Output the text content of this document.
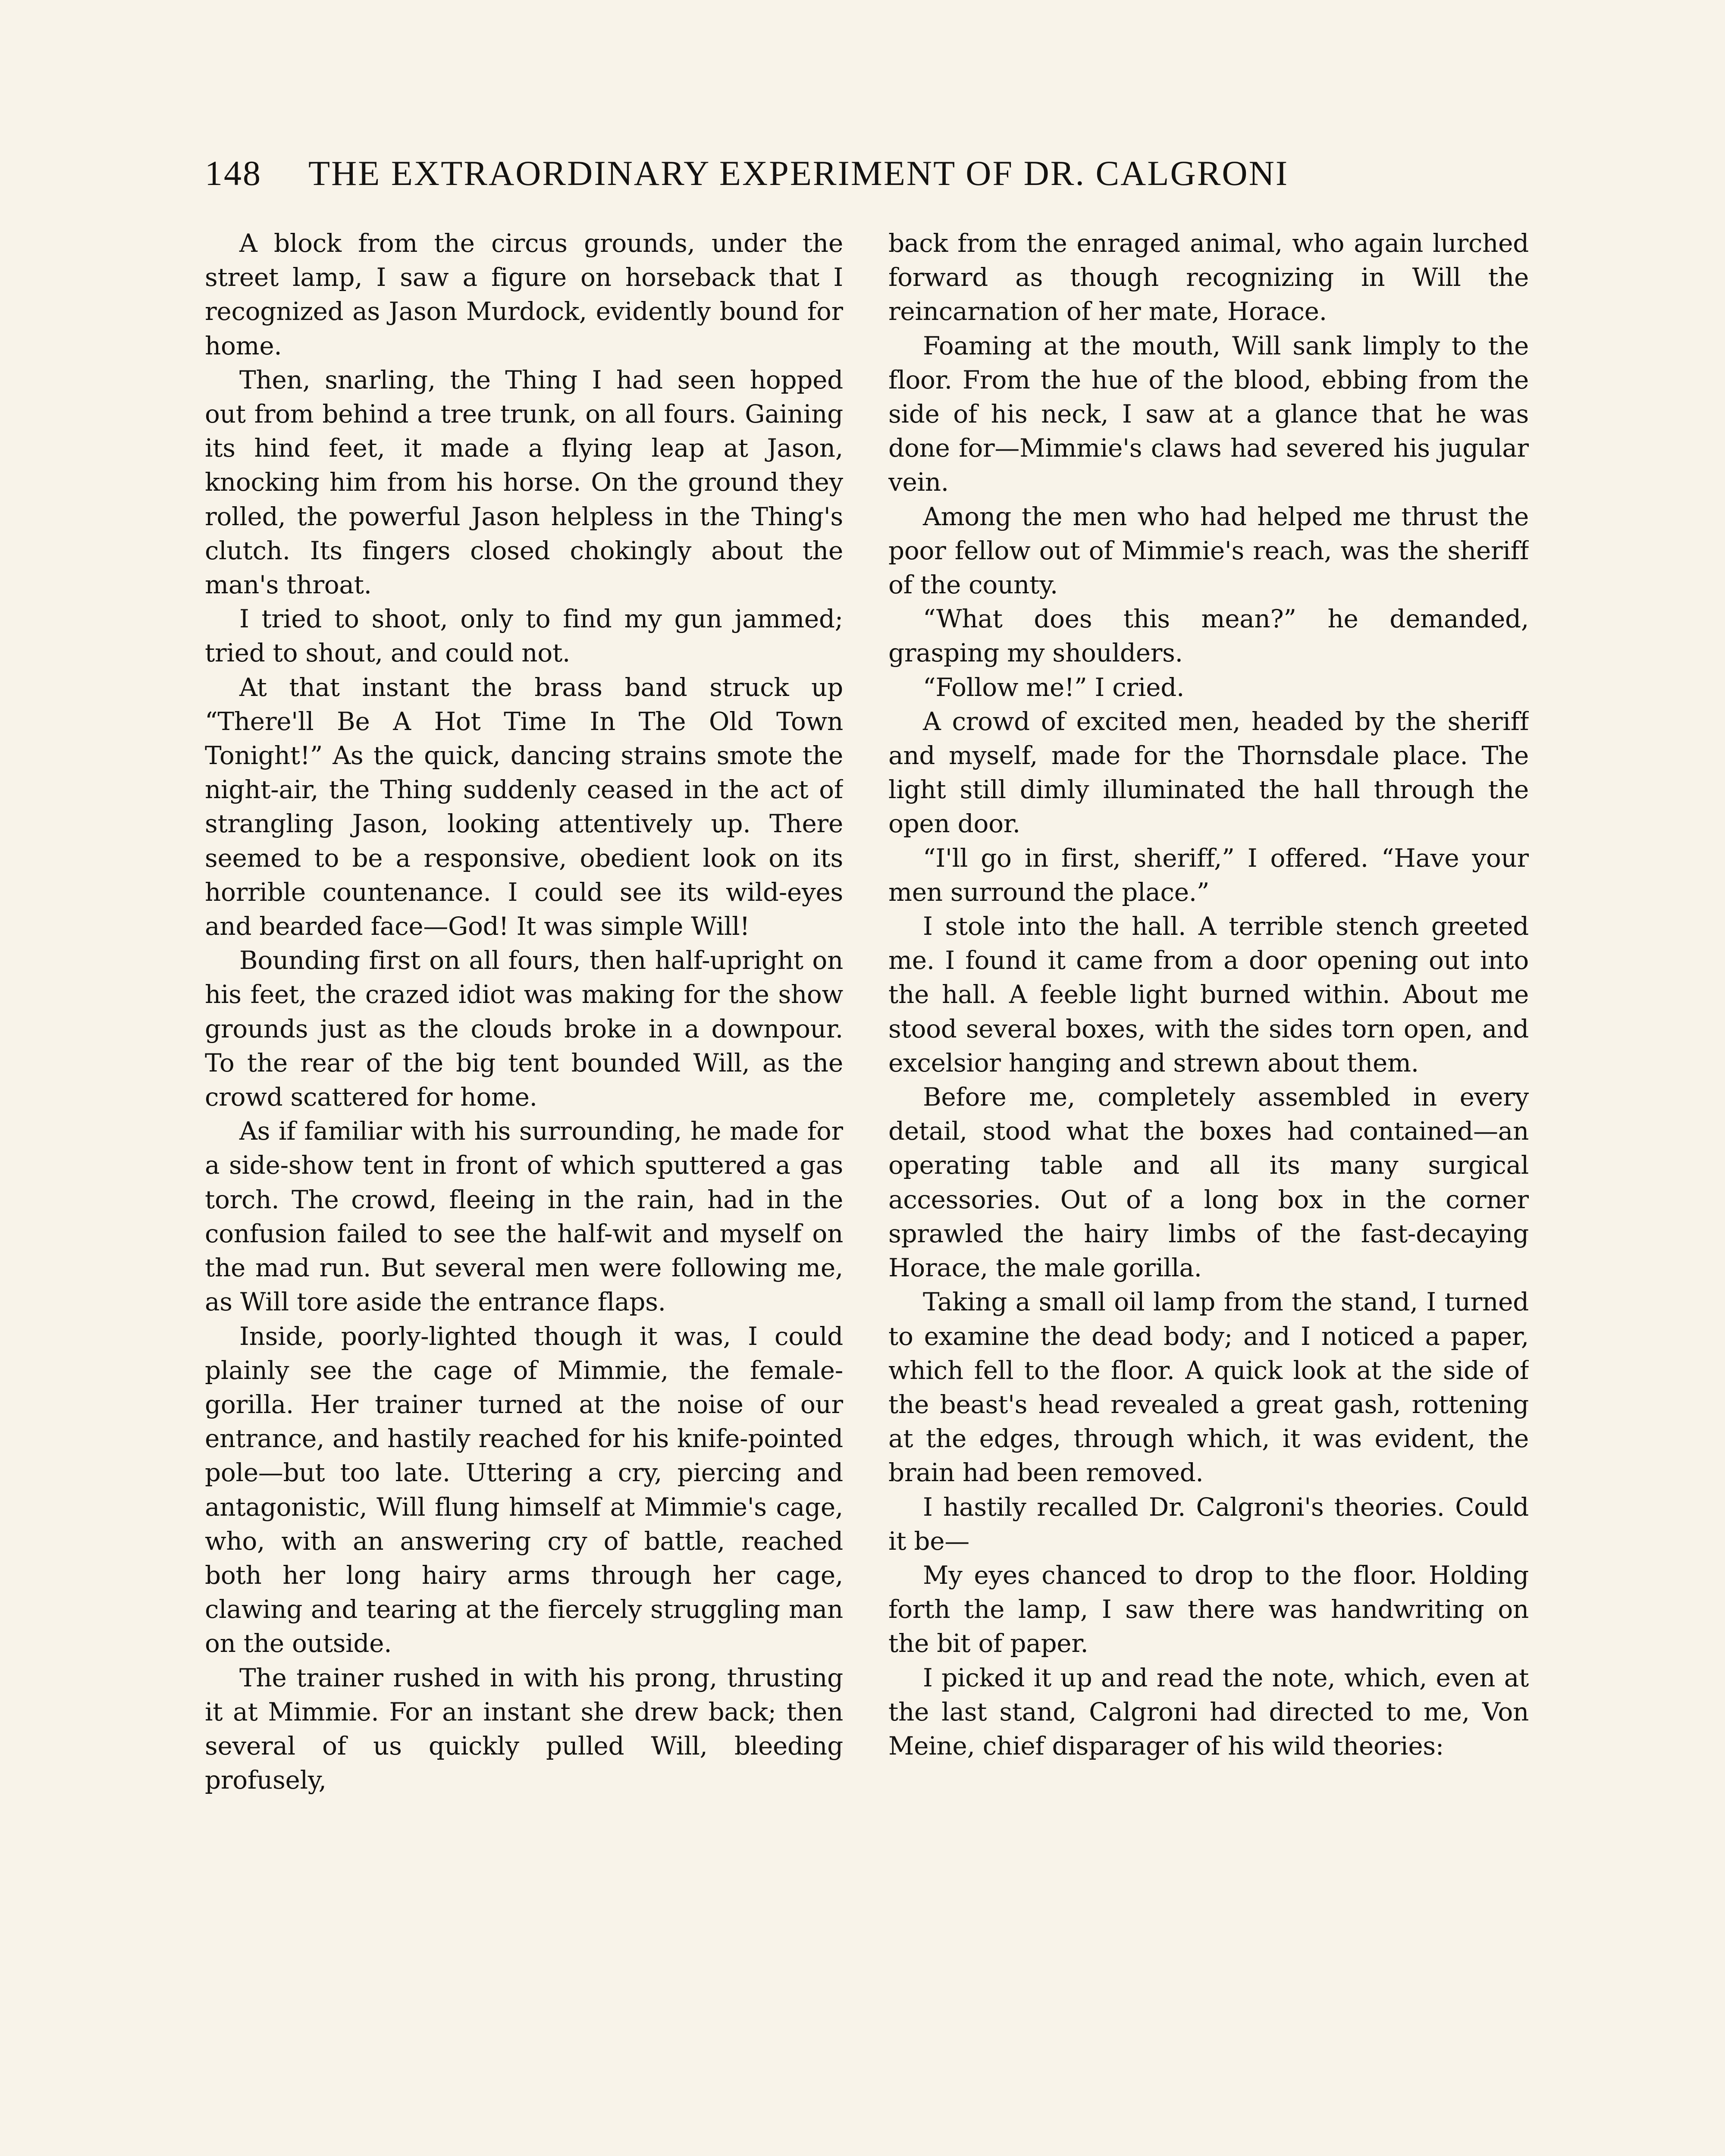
148	THE EXTRAORDINARY EXPERIMENT OF DR. CALGRONI

A block from the circus grounds, under the street lamp, I saw a figure on horseback that I recognized as Jason Murdock, evidently bound for home.

Then, snarling, the Thing I had seen hopped out from behind a tree trunk, on all fours. Gaining its hind feet, it made a flying leap at Jason, knocking him from his horse. On the ground they rolled, the powerful Jason helpless in the Thing's clutch. Its fingers closed chokingly about the man's throat.

I tried to shoot, only to find my gun jammed; tried to shout, and could not.

At that instant the brass band struck up “There'll Be A Hot Time In The Old Town Tonight!” As the quick, dancing strains smote the night-air, the Thing suddenly ceased in the act of strangling Jason, looking attentively up. There seemed to be a responsive, obedient look on its horrible countenance. I could see its wild-eyes and bearded face—God! It was simple Will!

Bounding first on all fours, then half-upright on his feet, the crazed idiot was making for the show grounds just as the clouds broke in a downpour. To the rear of the big tent bounded Will, as the crowd scattered for home.

As if familiar with his surrounding, he made for a side-show tent in front of which sputtered a gas torch. The crowd, fleeing in the rain, had in the confusion failed to see the half-wit and myself on the mad run. But several men were following me, as Will tore aside the entrance flaps.

Inside, poorly-lighted though it was, I could plainly see the cage of Mimmie, the female-gorilla. Her trainer turned at the noise of our entrance, and hastily reached for his knife-pointed pole—but too late. Uttering a cry, piercing and antagonistic, Will flung himself at Mimmie's cage, who, with an answering cry of battle, reached both her long hairy arms through her cage, clawing and tearing at the fiercely struggling man on the outside.

The trainer rushed in with his prong, thrusting it at Mimmie. For an instant she drew back; then several of us quickly pulled Will, bleeding profusely,

back from the enraged animal, who again lurched forward as though recognizing in Will the reincarnation of her mate, Horace.

Foaming at the mouth, Will sank limply to the floor. From the hue of the blood, ebbing from the side of his neck, I saw at a glance that he was done for—Mimmie's claws had severed his jugular vein.

Among the men who had helped me thrust the poor fellow out of Mimmie's reach, was the sheriff of the county.

“What does this mean?” he demanded, grasping my shoulders.

“Follow me!” I cried.

A crowd of excited men, headed by the sheriff and myself, made for the Thornsdale place. The light still dimly illuminated the hall through the open door.

“I'll go in first, sheriff,” I offered. “Have your men surround the place.”

I stole into the hall. A terrible stench greeted me. I found it came from a door opening out into the hall. A feeble light burned within. About me stood several boxes, with the sides torn open, and excelsior hanging and strewn about them.

Before me, completely assembled in every detail, stood what the boxes had contained—an operating table and all its many surgical accessories. Out of a long box in the corner sprawled the hairy limbs of the fast-decaying Horace, the male gorilla.

Taking a small oil lamp from the stand, I turned to examine the dead body; and I noticed a paper, which fell to the floor. A quick look at the side of the beast's head revealed a great gash, rottening at the edges, through which, it was evident, the brain had been removed.

I hastily recalled Dr. Calgroni's theories. Could it be—

My eyes chanced to drop to the floor. Holding forth the lamp, I saw there was handwriting on the bit of paper.

I picked it up and read the note, which, even at the last stand, Calgroni had directed to me, Von Meine, chief disparager of his wild theories:
